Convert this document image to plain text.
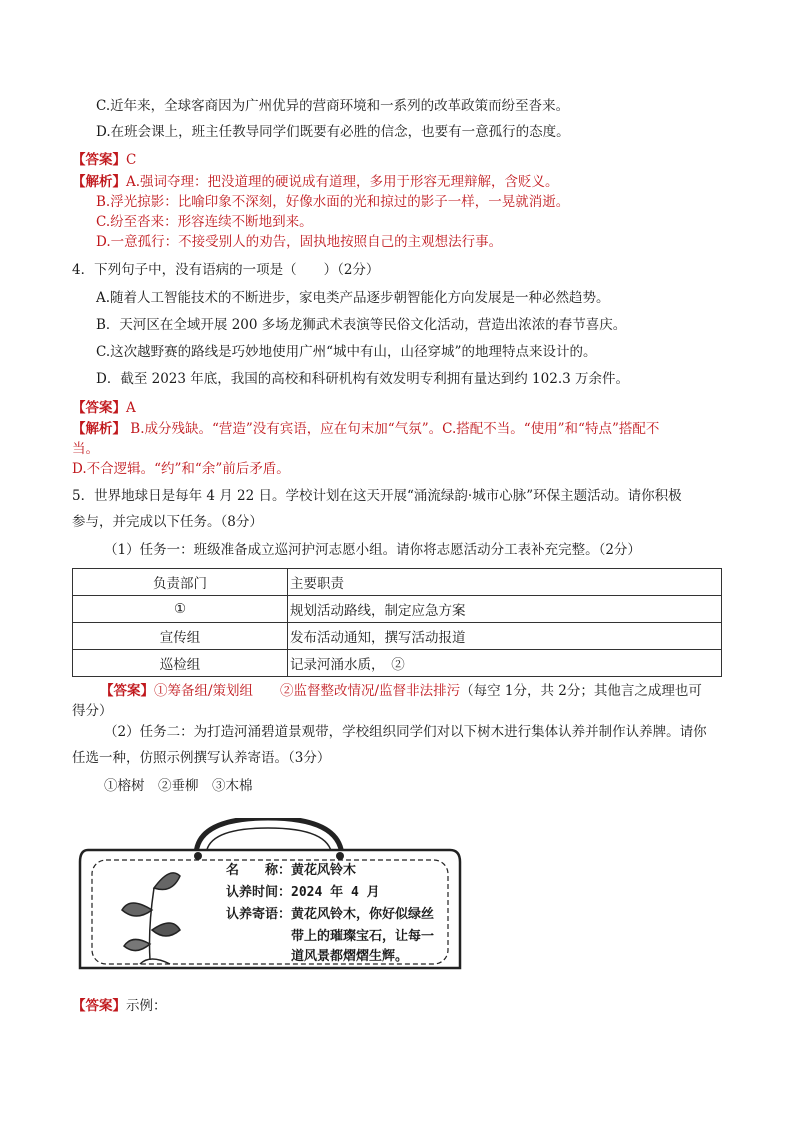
C.近年来，全球客商因为广州优异的营商环境和一系列的改革政策而纷至沓来。
D.在班会课上，班主任教导同学们既要有必胜的信念，也要有一意孤行的态度。
【答案】C
【解析】A.强词夺理：把没道理的硬说成有道理，多用于形容无理辩解，含贬义。
B.浮光掠影：比喻印象不深刻，好像水面的光和掠过的影子一样，一晃就消逝。
C.纷至沓来：形容连续不断地到来。
D.一意孤行：不接受别人的劝告，固执地按照自己的主观想法行事。
4．下列句子中，没有语病的一项是（　　）（2分）
A.随着人工智能技术的不断进步，家电类产品逐步朝智能化方向发展是一种必然趋势。
B．天河区在全域开展 200 多场龙狮武术表演等民俗文化活动，营造出浓浓的春节喜庆。
C.这次越野赛的路线是巧妙地使用广州“城中有山，山径穿城”的地理特点来设计的。
D．截至 2023 年底，我国的高校和科研机构有效发明专利拥有量达到约 102.3 万余件。
【答案】A
【解析】 B.成分残缺。“营造”没有宾语，应在句末加“气氛”。C.搭配不当。“使用”和“特点”搭配不
当。
D.不合逻辑。“约”和“余”前后矛盾。
5．世界地球日是每年 4 月 22 日。学校计划在这天开展“涌流绿韵·城市心脉”环保主题活动。请你积极
参与，并完成以下任务。（8分）
（1）任务一：班级准备成立巡河护河志愿小组。请你将志愿活动分工表补充完整。（2分）
负责部门	主要职责
①	规划活动路线，制定应急方案
宣传组	发布活动通知，撰写活动报道
巡检组	记录河涌水质，　②
【答案】①筹备组/策划组　　②监督整改情况/监督非法排污（每空 1分，共 2分；其他言之成理也可
得分）
（2）任务二：为打造河涌碧道景观带，学校组织同学们对以下树木进行集体认养并制作认养牌。请你
任选一种，仿照示例撰写认养寄语。（3分）
①榕树　②垂柳　③木棉
名　　称：黄花风铃木
认养时间：2024 年 4 月
认养寄语：黄花风铃木，你好似绿丝
带上的璀璨宝石，让每一
道风景都熠熠生辉。
【答案】示例：
